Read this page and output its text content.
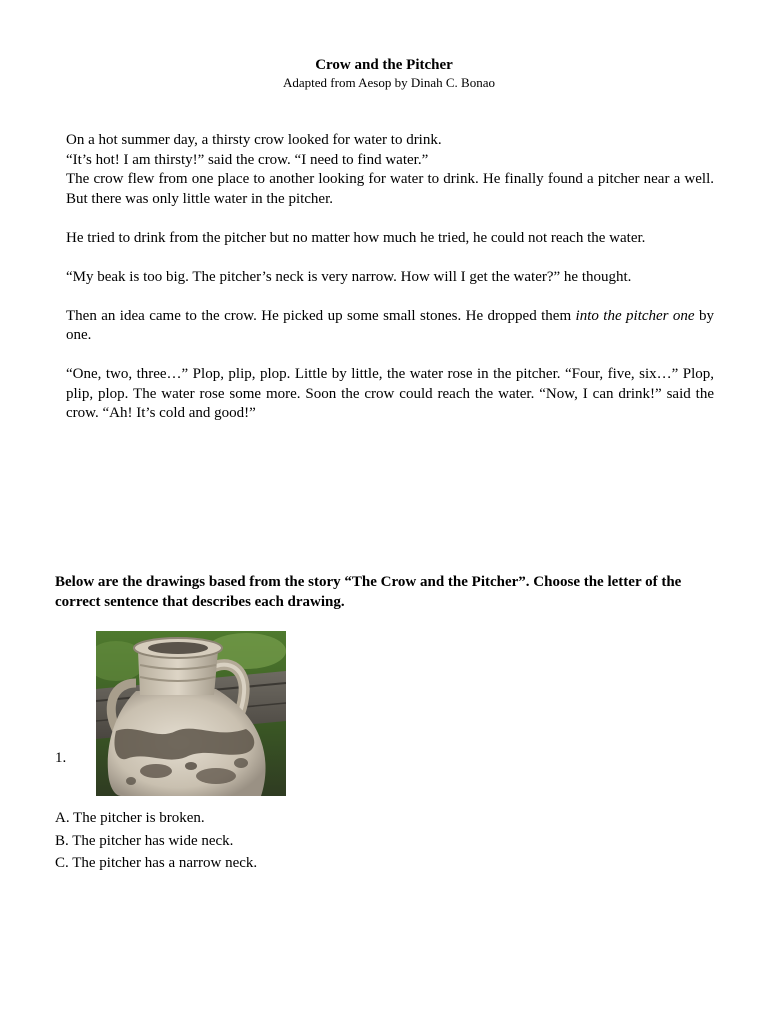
Crow and the Pitcher
Adapted from Aesop by Dinah C. Bonao

On a hot summer day, a thirsty crow looked for water to drink.

“It’s hot! I am thirsty!” said the crow. “I need to find water.”

The crow flew from one place to another looking for water to drink. He finally found a pitcher near a well. But there was only little water in the pitcher.

He tried to drink from the pitcher but no matter how much he tried, he could not reach the water.

“My beak is too big. The pitcher’s neck is very narrow. How will I get the water?” he thought.

Then an idea came to the crow. He picked up some small stones. He dropped them into the pitcher one by one.

“One, two, three…” Plop, plip, plop. Little by little, the water rose in the pitcher. “Four, five, six…” Plop, plip, plop. The water rose some more. Soon the crow could reach the water. “Now, I can drink!” said the crow. “Ah! It’s cold and good!”

Below are the drawings based from the story “The Crow and the Pitcher”. Choose the letter of the correct sentence that describes each drawing.

1.
A. The pitcher is broken.
B. The pitcher has wide neck.
C. The pitcher has a narrow neck.
